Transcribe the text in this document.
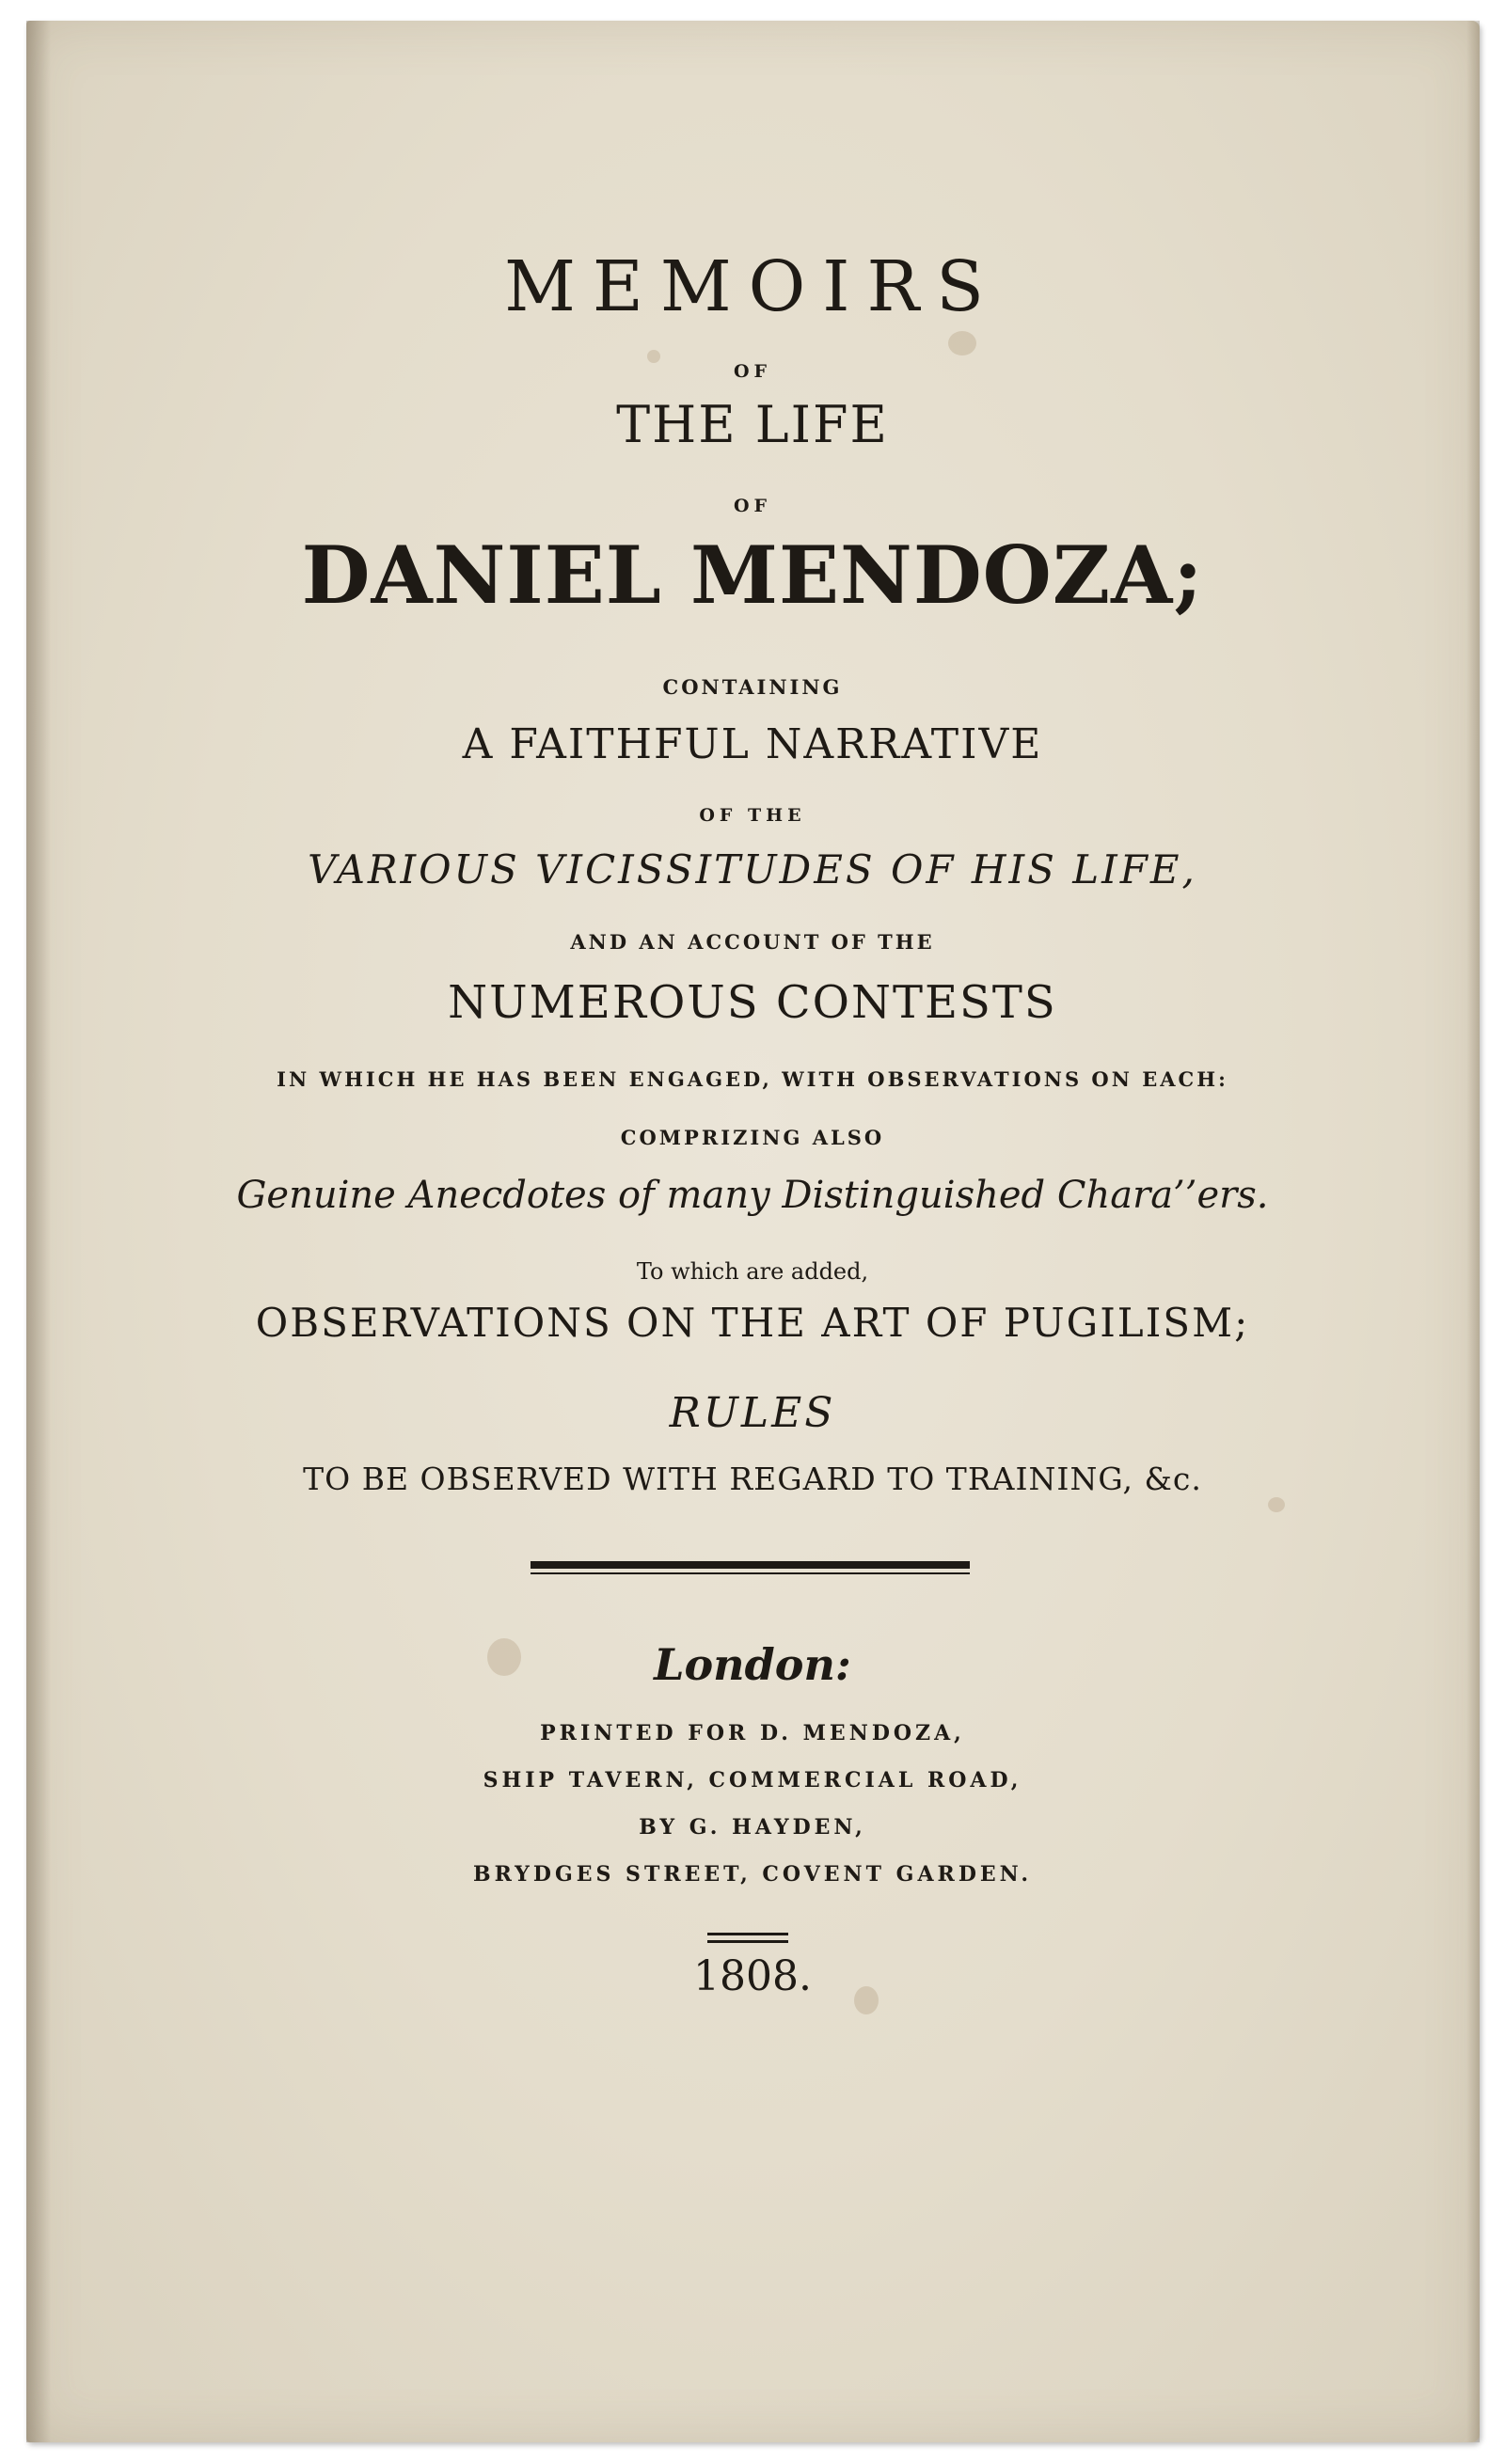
MEMOIRS
OF
THE LIFE
OF
DANIEL MENDOZA;
CONTAINING
A FAITHFUL NARRATIVE
OF THE
VARIOUS VICISSITUDES OF HIS LIFE,
AND AN ACCOUNT OF THE
NUMEROUS CONTESTS
IN WHICH HE HAS BEEN ENGAGED, WITH OBSERVATIONS ON EACH:
COMPRIZING ALSO
Genuine Anecdotes of many Distinguished Chara’’ers.
To which are added,
OBSERVATIONS ON THE ART OF PUGILISM;
RULES
TO BE OBSERVED WITH REGARD TO TRAINING, &c.
London:
PRINTED FOR D. MENDOZA,
SHIP TAVERN, COMMERCIAL ROAD,
BY G. HAYDEN,
BRYDGES STREET, COVENT GARDEN.
1808.
